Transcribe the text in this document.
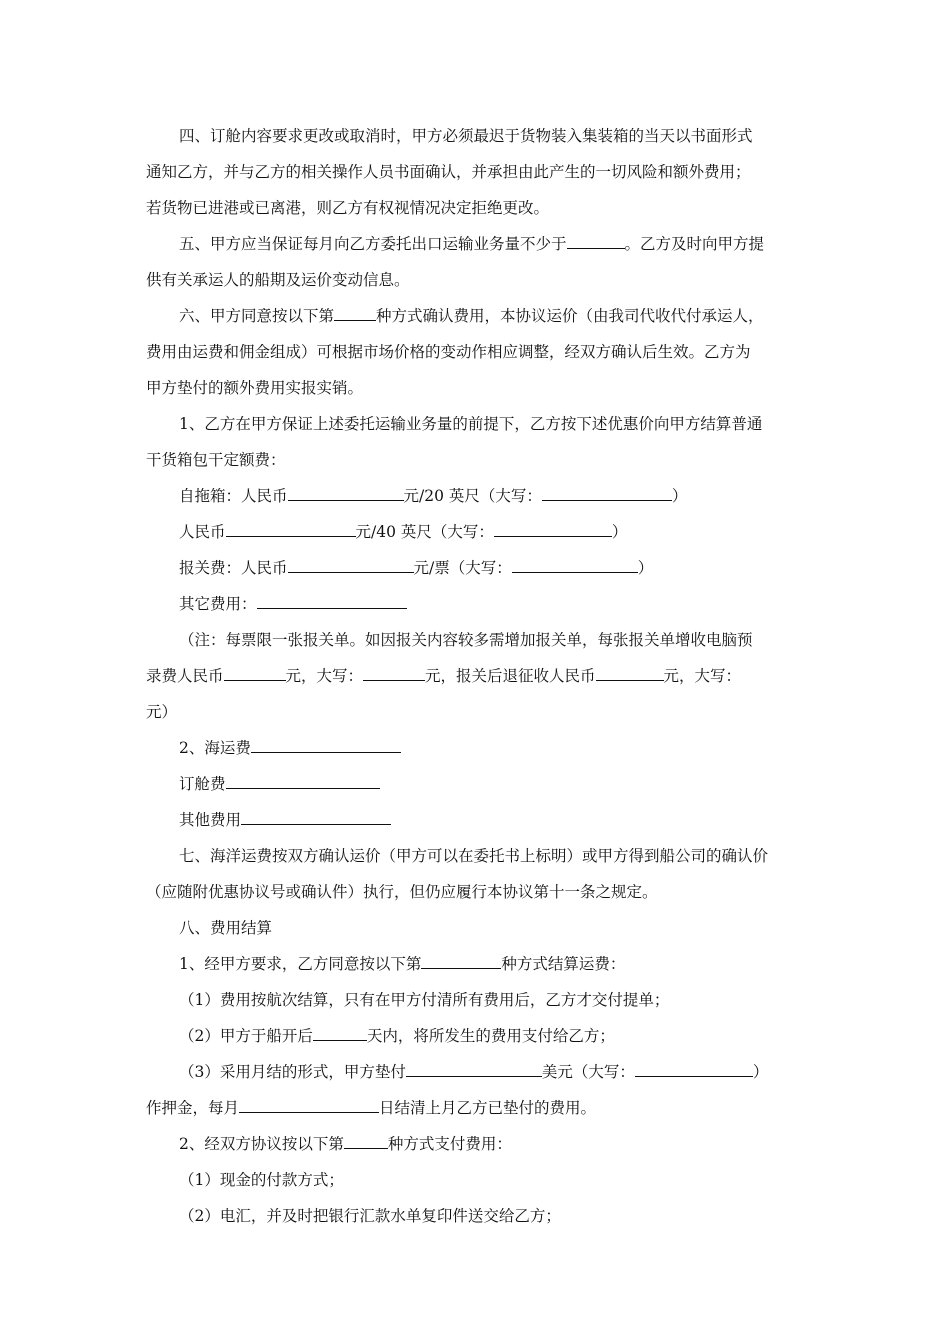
四、订舱内容要求更改或取消时，甲方必须最迟于货物装入集装箱的当天以书面形式
通知乙方，并与乙方的相关操作人员书面确认，并承担由此产生的一切风险和额外费用；
若货物已进港或已离港，则乙方有权视情况决定拒绝更改。
五、甲方应当保证每月向乙方委托出口运输业务量不少于	。乙方及时向甲方提
供有关承运人的船期及运价变动信息。
六、甲方同意按以下第	种方式确认费用，本协议运价（由我司代收代付承运人，
费用由运费和佣金组成）可根据市场价格的变动作相应调整，经双方确认后生效。乙方为
甲方垫付的额外费用实报实销。
1、乙方在甲方保证上述委托运输业务量的前提下，乙方按下述优惠价向甲方结算普通
干货箱包干定额费：
自拖箱：人民币	元/20 英尺（大写：	）
人民币	元/40 英尺（大写：	）
报关费：人民币	元/票（大写：	）
其它费用：
（注：每票限一张报关单。如因报关内容较多需增加报关单，每张报关单增收电脑预
录费人民币	元，大写：	元，报关后退征收人民币	元，大写：
元）
2、海运费
订舱费
其他费用
七、海洋运费按双方确认运价（甲方可以在委托书上标明）或甲方得到船公司的确认价
（应随附优惠协议号或确认件）执行，但仍应履行本协议第十一条之规定。
八、费用结算
1、经甲方要求，乙方同意按以下第	种方式结算运费：
（1）费用按航次结算，只有在甲方付清所有费用后，乙方才交付提单；
（2）甲方于船开后	天内，将所发生的费用支付给乙方；
（3）采用月结的形式，甲方垫付	美元（大写：	）
作押金，每月	日结清上月乙方已垫付的费用。
2、经双方协议按以下第	种方式支付费用：
（1）现金的付款方式；
（2）电汇，并及时把银行汇款水单复印件送交给乙方；
